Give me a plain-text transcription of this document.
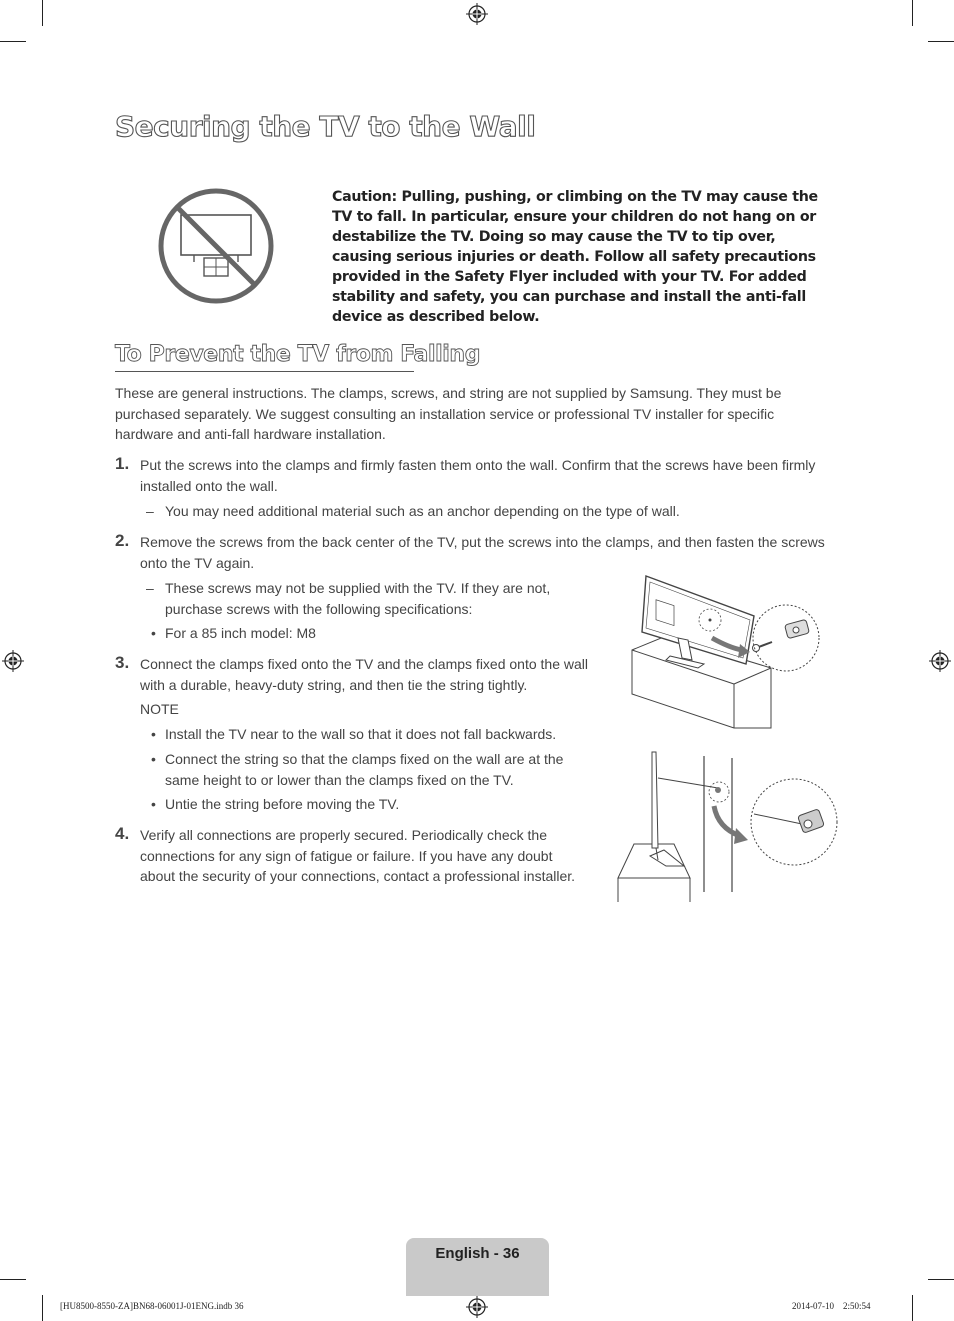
Securing the TV to the Wall
Caution: Pulling, pushing, or climbing on the TV may cause the TV to fall. In particular, ensure your children do not hang on or destabilize the TV. Doing so may cause the TV to tip over, causing serious injuries or death. Follow all safety precautions provided in the Safety Flyer included with your TV. For added stability and safety, you can purchase and install the anti-fall device as described below.
To Prevent the TV from Falling
These are general instructions. The clamps, screws, and string are not supplied by Samsung. They must be purchased separately. We suggest consulting an installation service or professional TV installer for specific hardware and anti-fall hardware installation.
1. Put the screws into the clamps and firmly fasten them onto the wall. Confirm that the screws have been firmly installed onto the wall.
– You may need additional material such as an anchor depending on the type of wall.
2. Remove the screws from the back center of the TV, put the screws into the clamps, and then fasten the screws onto the TV again.
– These screws may not be supplied with the TV. If they are not, purchase screws with the following specifications:
• For a 85 inch model: M8
3. Connect the clamps fixed onto the TV and the clamps fixed onto the wall with a durable, heavy-duty string, and then tie the string tightly.
NOTE
• Install the TV near to the wall so that it does not fall backwards.
• Connect the string so that the clamps fixed on the wall are at the same height to or lower than the clamps fixed on the TV.
• Untie the string before moving the TV.
4. Verify all connections are properly secured. Periodically check the connections for any sign of fatigue or failure. If you have any doubt about the security of your connections, contact a professional installer.
English - 36
[HU8500-8550-ZA]BN68-06001J-01ENG.indb 36	2014-07-10    2:50:54
